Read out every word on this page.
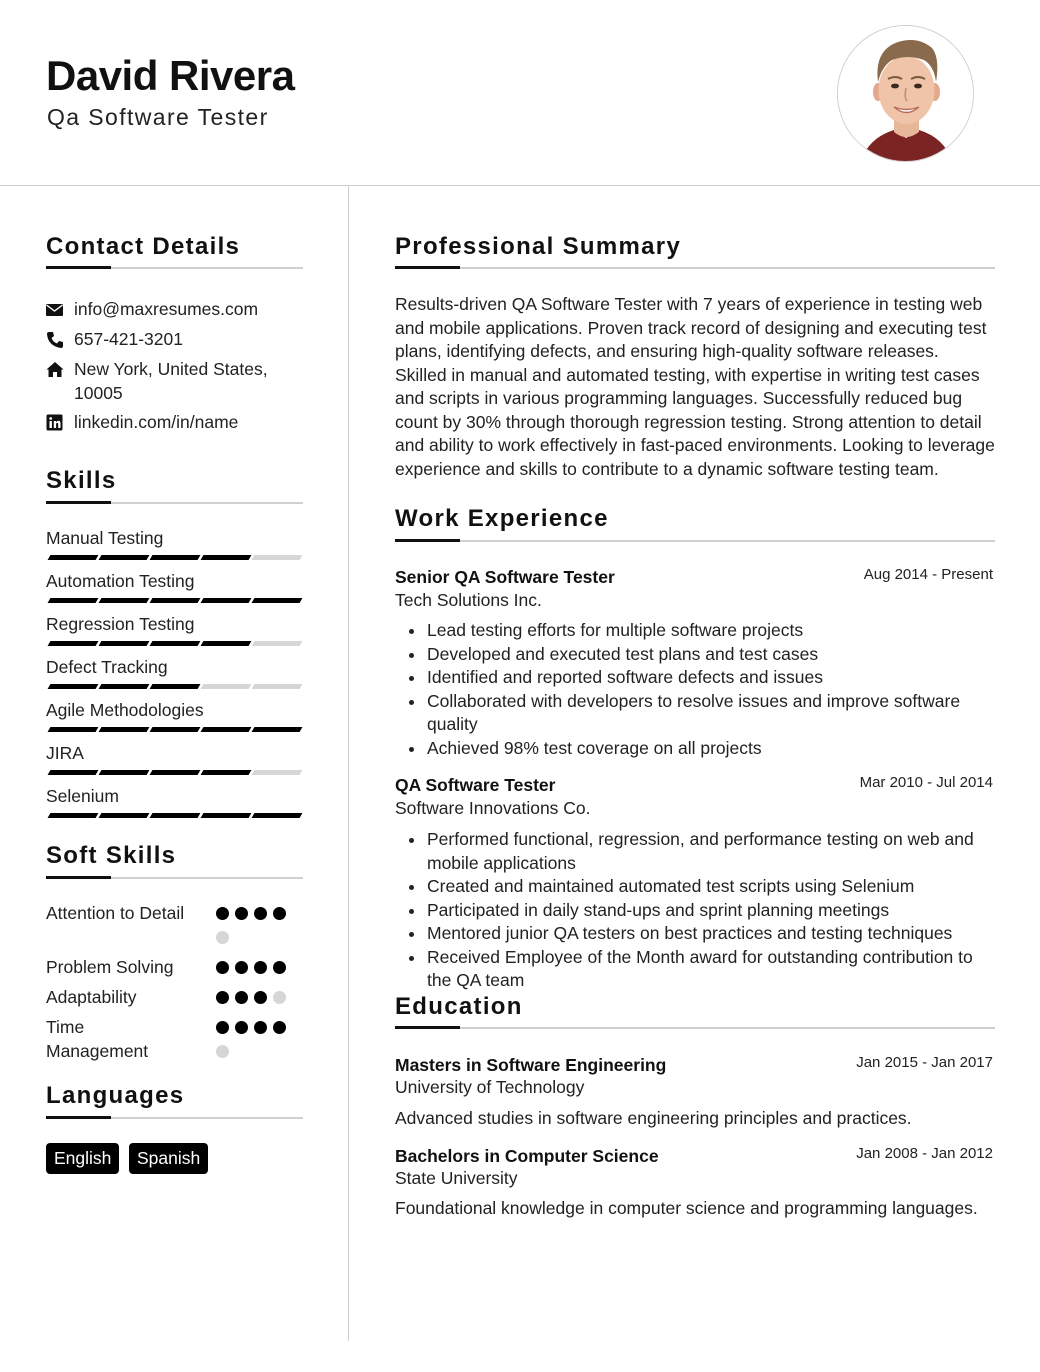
David Rivera
Qa Software Tester
Contact Details
info@maxresumes.com
657-421-3201
New York, United States, 10005
linkedin.com/in/name
Skills
Manual Testing
Automation Testing
Regression Testing
Defect Tracking
Agile Methodologies
JIRA
Selenium
Soft Skills
Attention to Detail
Problem Solving
Adaptability
Time Management
Languages
English	Spanish
Professional Summary
Results-driven QA Software Tester with 7 years of experience in testing web and mobile applications. Proven track record of designing and executing test plans, identifying defects, and ensuring high-quality software releases. Skilled in manual and automated testing, with expertise in writing test cases and scripts in various programming languages. Successfully reduced bug count by 30% through thorough regression testing. Strong attention to detail and ability to work effectively in fast-paced environments. Looking to leverage experience and skills to contribute to a dynamic software testing team.
Work Experience
Senior QA Software Tester	Aug 2014 - Present
Tech Solutions Inc.
Lead testing efforts for multiple software projects
Developed and executed test plans and test cases
Identified and reported software defects and issues
Collaborated with developers to resolve issues and improve software quality
Achieved 98% test coverage on all projects
QA Software Tester	Mar 2010 - Jul 2014
Software Innovations Co.
Performed functional, regression, and performance testing on web and mobile applications
Created and maintained automated test scripts using Selenium
Participated in daily stand-ups and sprint planning meetings
Mentored junior QA testers on best practices and testing techniques
Received Employee of the Month award for outstanding contribution to the QA team
Education
Masters in Software Engineering	Jan 2015 - Jan 2017
University of Technology
Advanced studies in software engineering principles and practices.
Bachelors in Computer Science	Jan 2008 - Jan 2012
State University
Foundational knowledge in computer science and programming languages.
